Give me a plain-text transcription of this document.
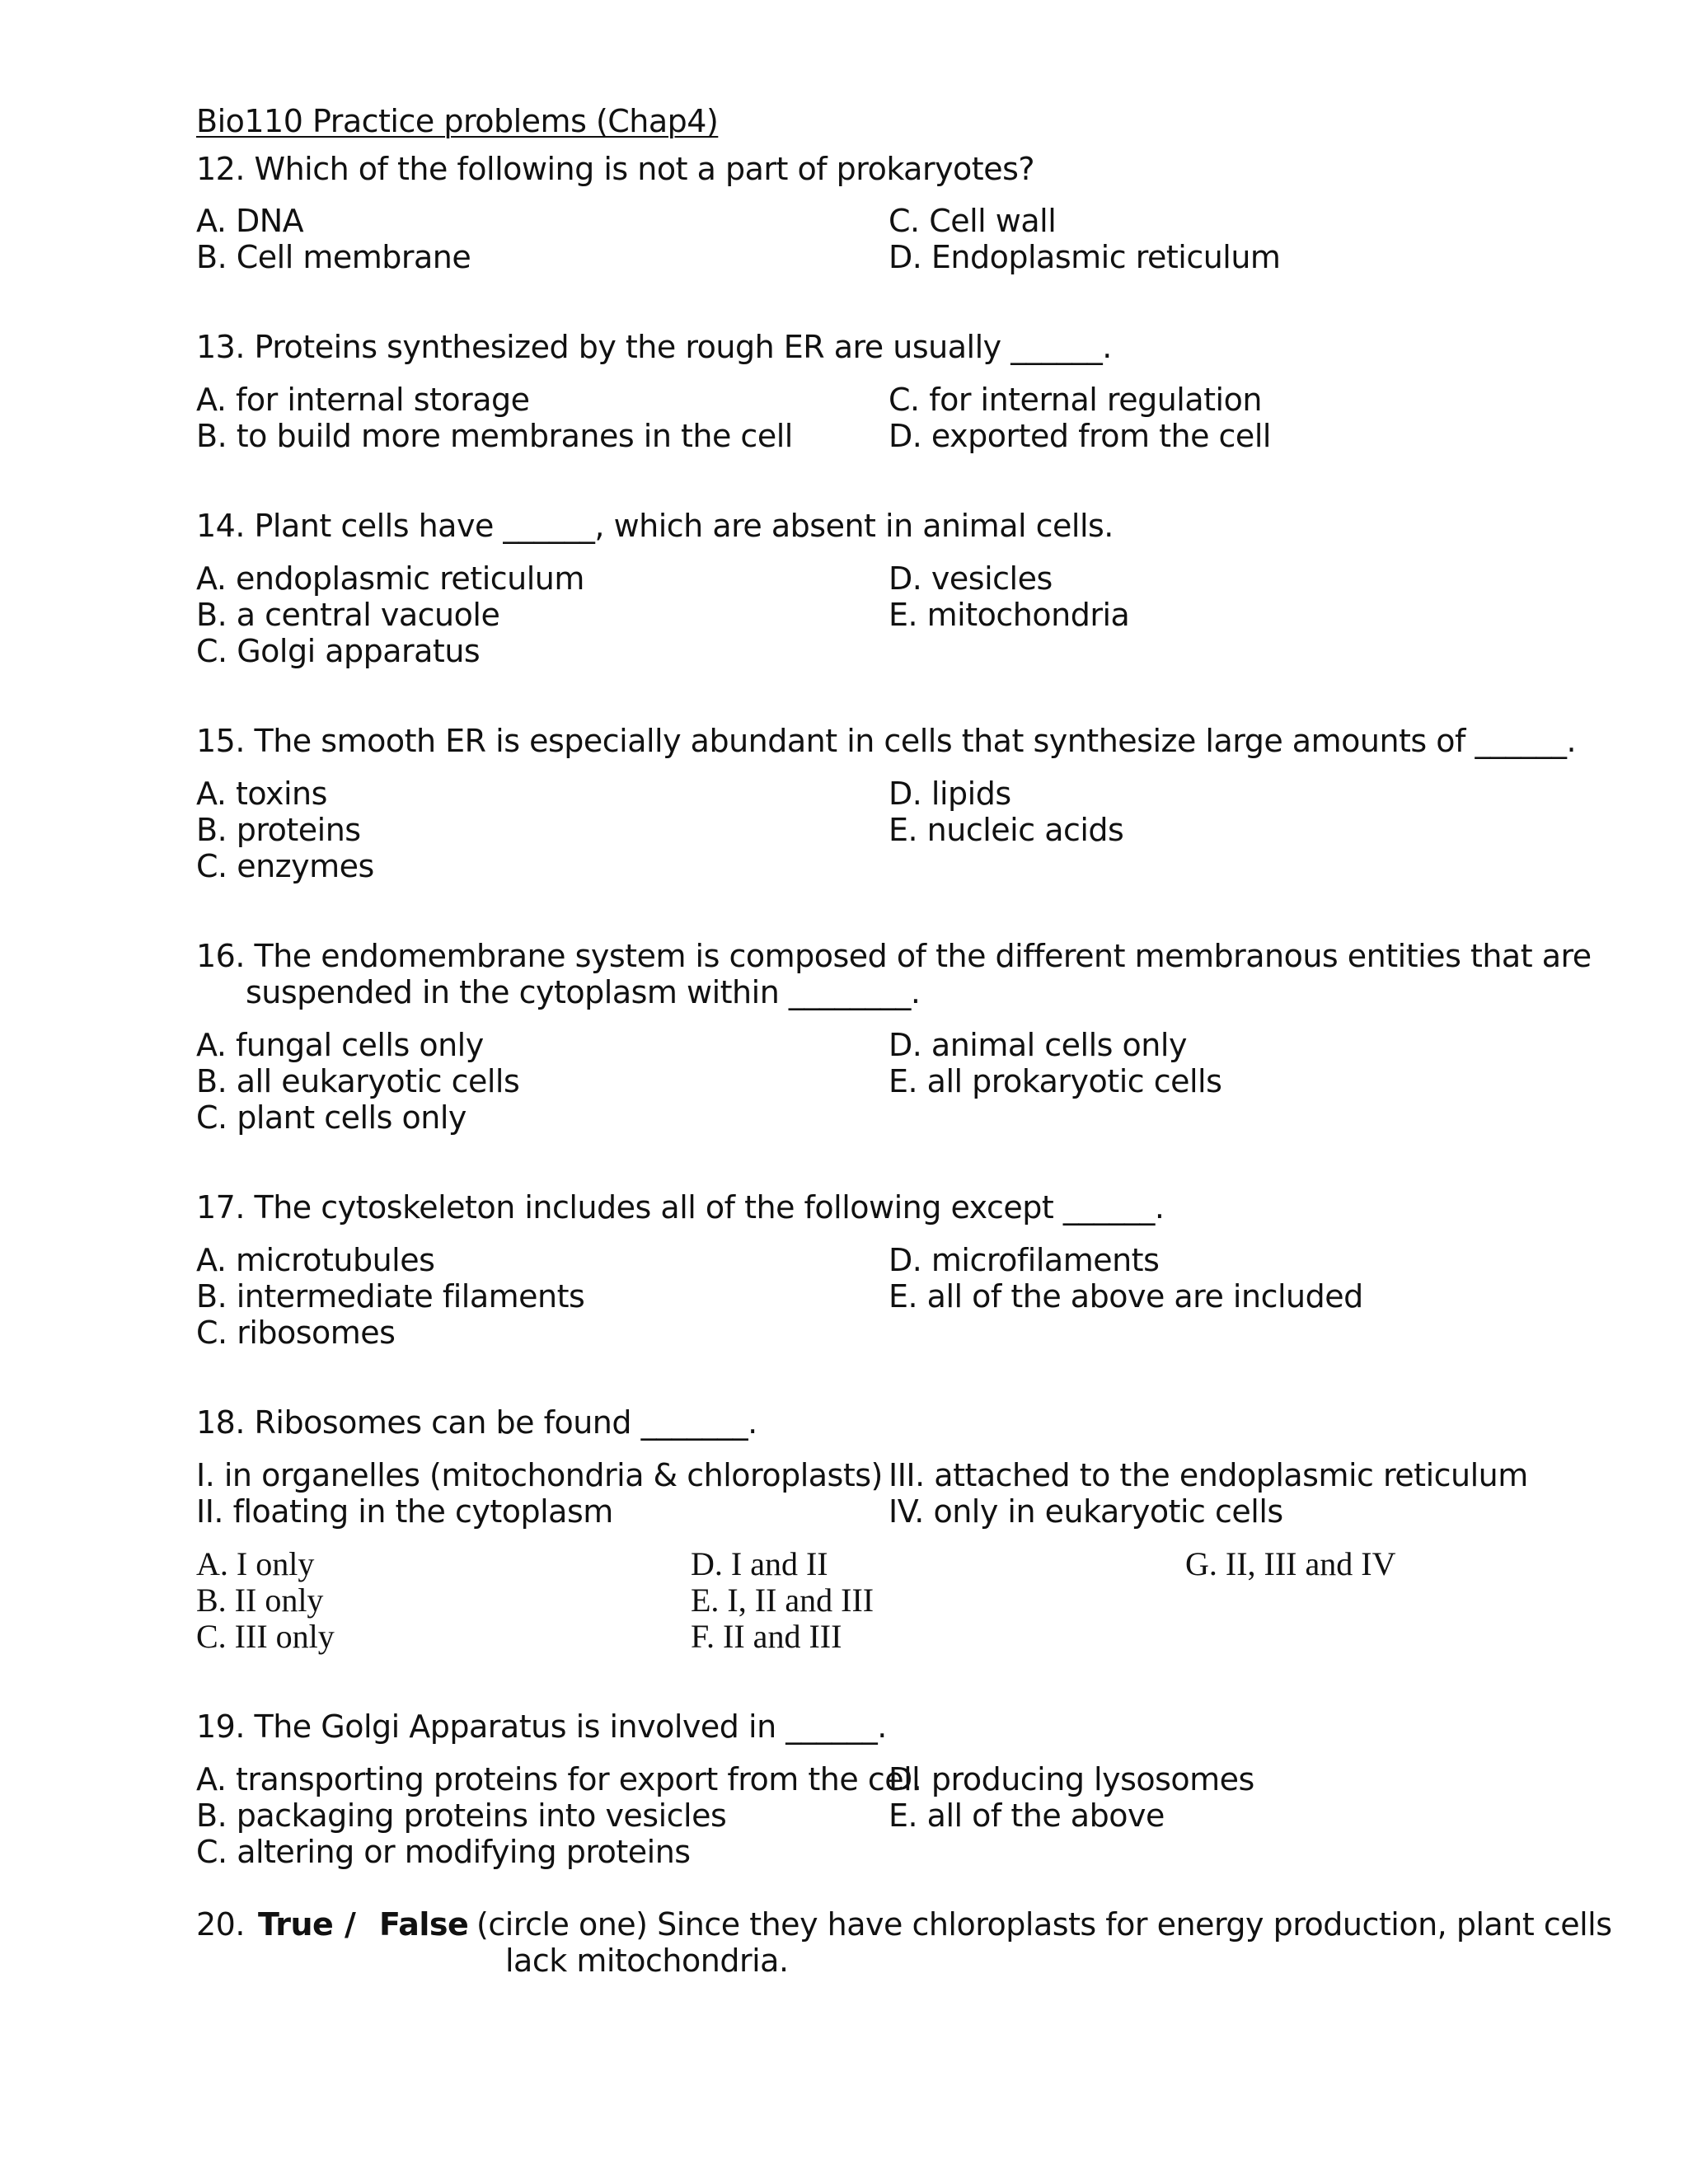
Bio110 Practice problems (Chap4)
12. Which of the following is not a part of prokaryotes?
A. DNA
B. Cell membrane
C. Cell wall
D. Endoplasmic reticulum
13. Proteins synthesized by the rough ER are usually ______.
A. for internal storage
B. to build more membranes in the cell
C. for internal regulation
D. exported from the cell
14. Plant cells have ______, which are absent in animal cells.
A. endoplasmic reticulum
B. a central vacuole
C. Golgi apparatus
D. vesicles
E. mitochondria
15. The smooth ER is especially abundant in cells that synthesize large amounts of ______.
A. toxins
B. proteins
C. enzymes
D. lipids
E. nucleic acids
16. The endomembrane system is composed of the different membranous entities that are
suspended in the cytoplasm within ________.
A. fungal cells only
B. all eukaryotic cells
C. plant cells only
D. animal cells only
E. all prokaryotic cells
17. The cytoskeleton includes all of the following except ______.
A. microtubules
B. intermediate filaments
C. ribosomes
D. microfilaments
E. all of the above are included
18. Ribosomes can be found _______.
I. in organelles (mitochondria & chloroplasts)
II. floating in the cytoplasm
III. attached to the endoplasmic reticulum
IV. only in eukaryotic cells
A. I only
B. II only
C. III only
D. I and II
E. I, II and III
F. II and III
G. II, III and IV
19. The Golgi Apparatus is involved in ______.
A. transporting proteins for export from the cell
B. packaging proteins into vesicles
C. altering or modifying proteins
D. producing lysosomes
E. all of the above
20. True / False (circle one) Since they have chloroplasts for energy production, plant cells
lack mitochondria.
